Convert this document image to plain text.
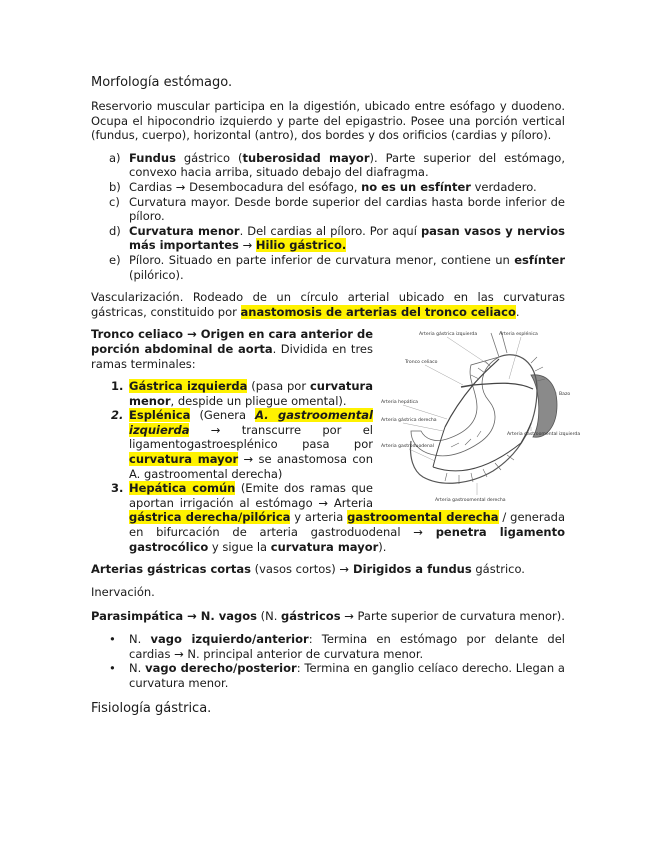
Morfología estómago.

Reservorio muscular participa en la digestión, ubicado entre esófago y duodeno. Ocupa el hipocondrio izquierdo y parte del epigastrio. Posee una porción vertical (fundus, cuerpo), horizontal (antro), dos bordes y dos orificios (cardias y píloro).

a) Fundus gástrico (tuberosidad mayor). Parte superior del estómago, convexo hacia arriba, situado debajo del diafragma.
b) Cardias → Desembocadura del esófago, no es un esfínter verdadero.
c) Curvatura mayor. Desde borde superior del cardias hasta borde inferior de píloro.
d) Curvatura menor. Del cardias al píloro. Por aquí pasan vasos y nervios más importantes → Hilio gástrico.
e) Píloro. Situado en parte inferior de curvatura menor, contiene un esfínter (pilórico).

Vascularización. Rodeado de un círculo arterial ubicado en las curvaturas gástricas, constituido por anastomosis de arterias del tronco celiaco.

Arteria gástrica izquierda	Arteria esplénica
Tronco celiaco
Bazo
Arteria hepática
Arteria gástrica derecha
Arteria gastroomental izquierda
Arteria gastroduodenal
Arteria gastroomental derecha

Tronco celiaco → Origen en cara anterior de porción abdominal de aorta. Dividida en tres ramas terminales:

1. Gástrica izquierda (pasa por curvatura menor, despide un pliegue omental).
2. Esplénica (Genera A. gastroomental izquierda → transcurre por el ligamentogastroesplénico pasa por curvatura mayor → se anastomosa con A. gastroomental derecha)
3. Hepática común (Emite dos ramas que aportan irrigación al estómago → Arteria gástrica derecha/pilórica y arteria gastroomental derecha / generada en bifurcación de arteria gastroduodenal → penetra ligamento gastrocólico y sigue la curvatura mayor).

Arterias gástricas cortas (vasos cortos) → Dirigidos a fundus gástrico.

Inervación.

Parasimpática → N. vagos (N. gástricos → Parte superior de curvatura menor).

• N. vago izquierdo/anterior: Termina en estómago por delante del cardias → N. principal anterior de curvatura menor.
• N. vago derecho/posterior: Termina en ganglio celíaco derecho. Llegan a curvatura menor.
Fisiología gástrica.
